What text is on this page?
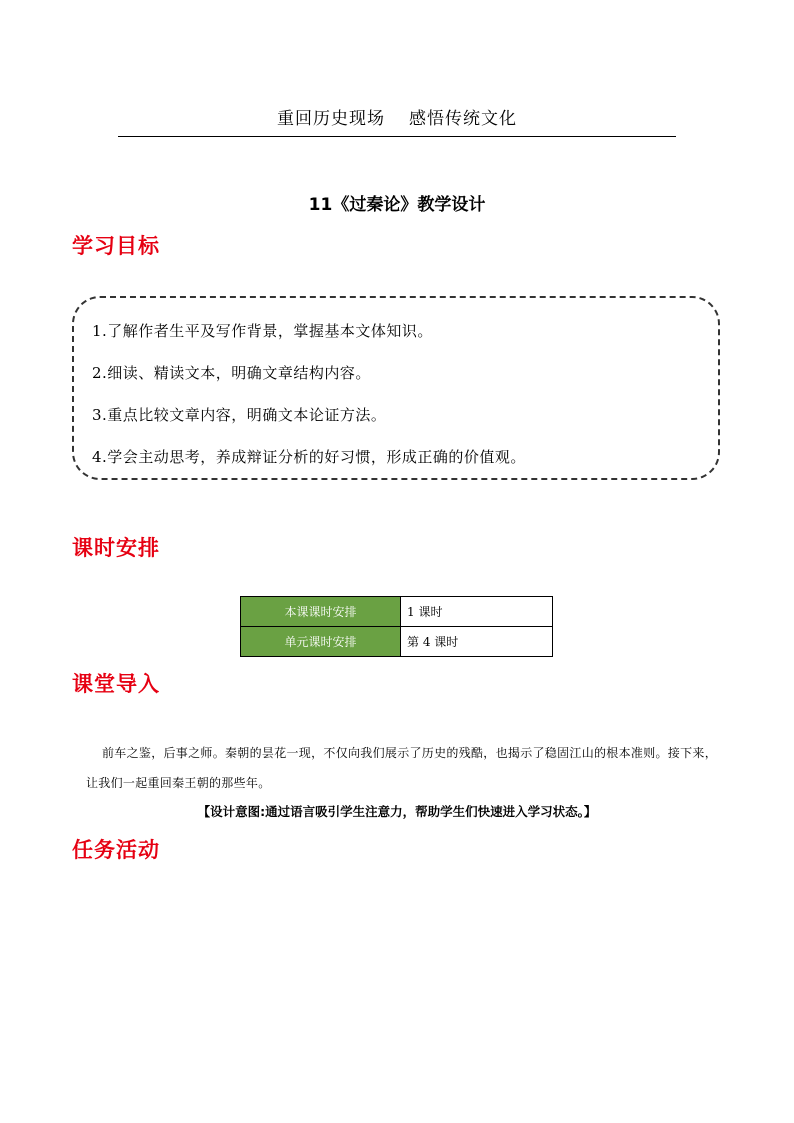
重回历史现场 感悟传统文化
11《过秦论》教学设计
学习目标
1.了解作者生平及写作背景，掌握基本文体知识。
2.细读、精读文本，明确文章结构内容。
3.重点比较文章内容，明确文本论证方法。
4.学会主动思考，养成辩证分析的好习惯，形成正确的价值观。
课时安排
本课课时安排	1 课时
单元课时安排	第 4 课时
课堂导入
前车之鉴，后事之师。秦朝的昙花一现，不仅向我们展示了历史的残酷，也揭示了稳固江山的根本准则。接下来，让我们一起重回秦王朝的那些年。
【设计意图:通过语言吸引学生注意力，帮助学生们快速进入学习状态。】
任务活动
